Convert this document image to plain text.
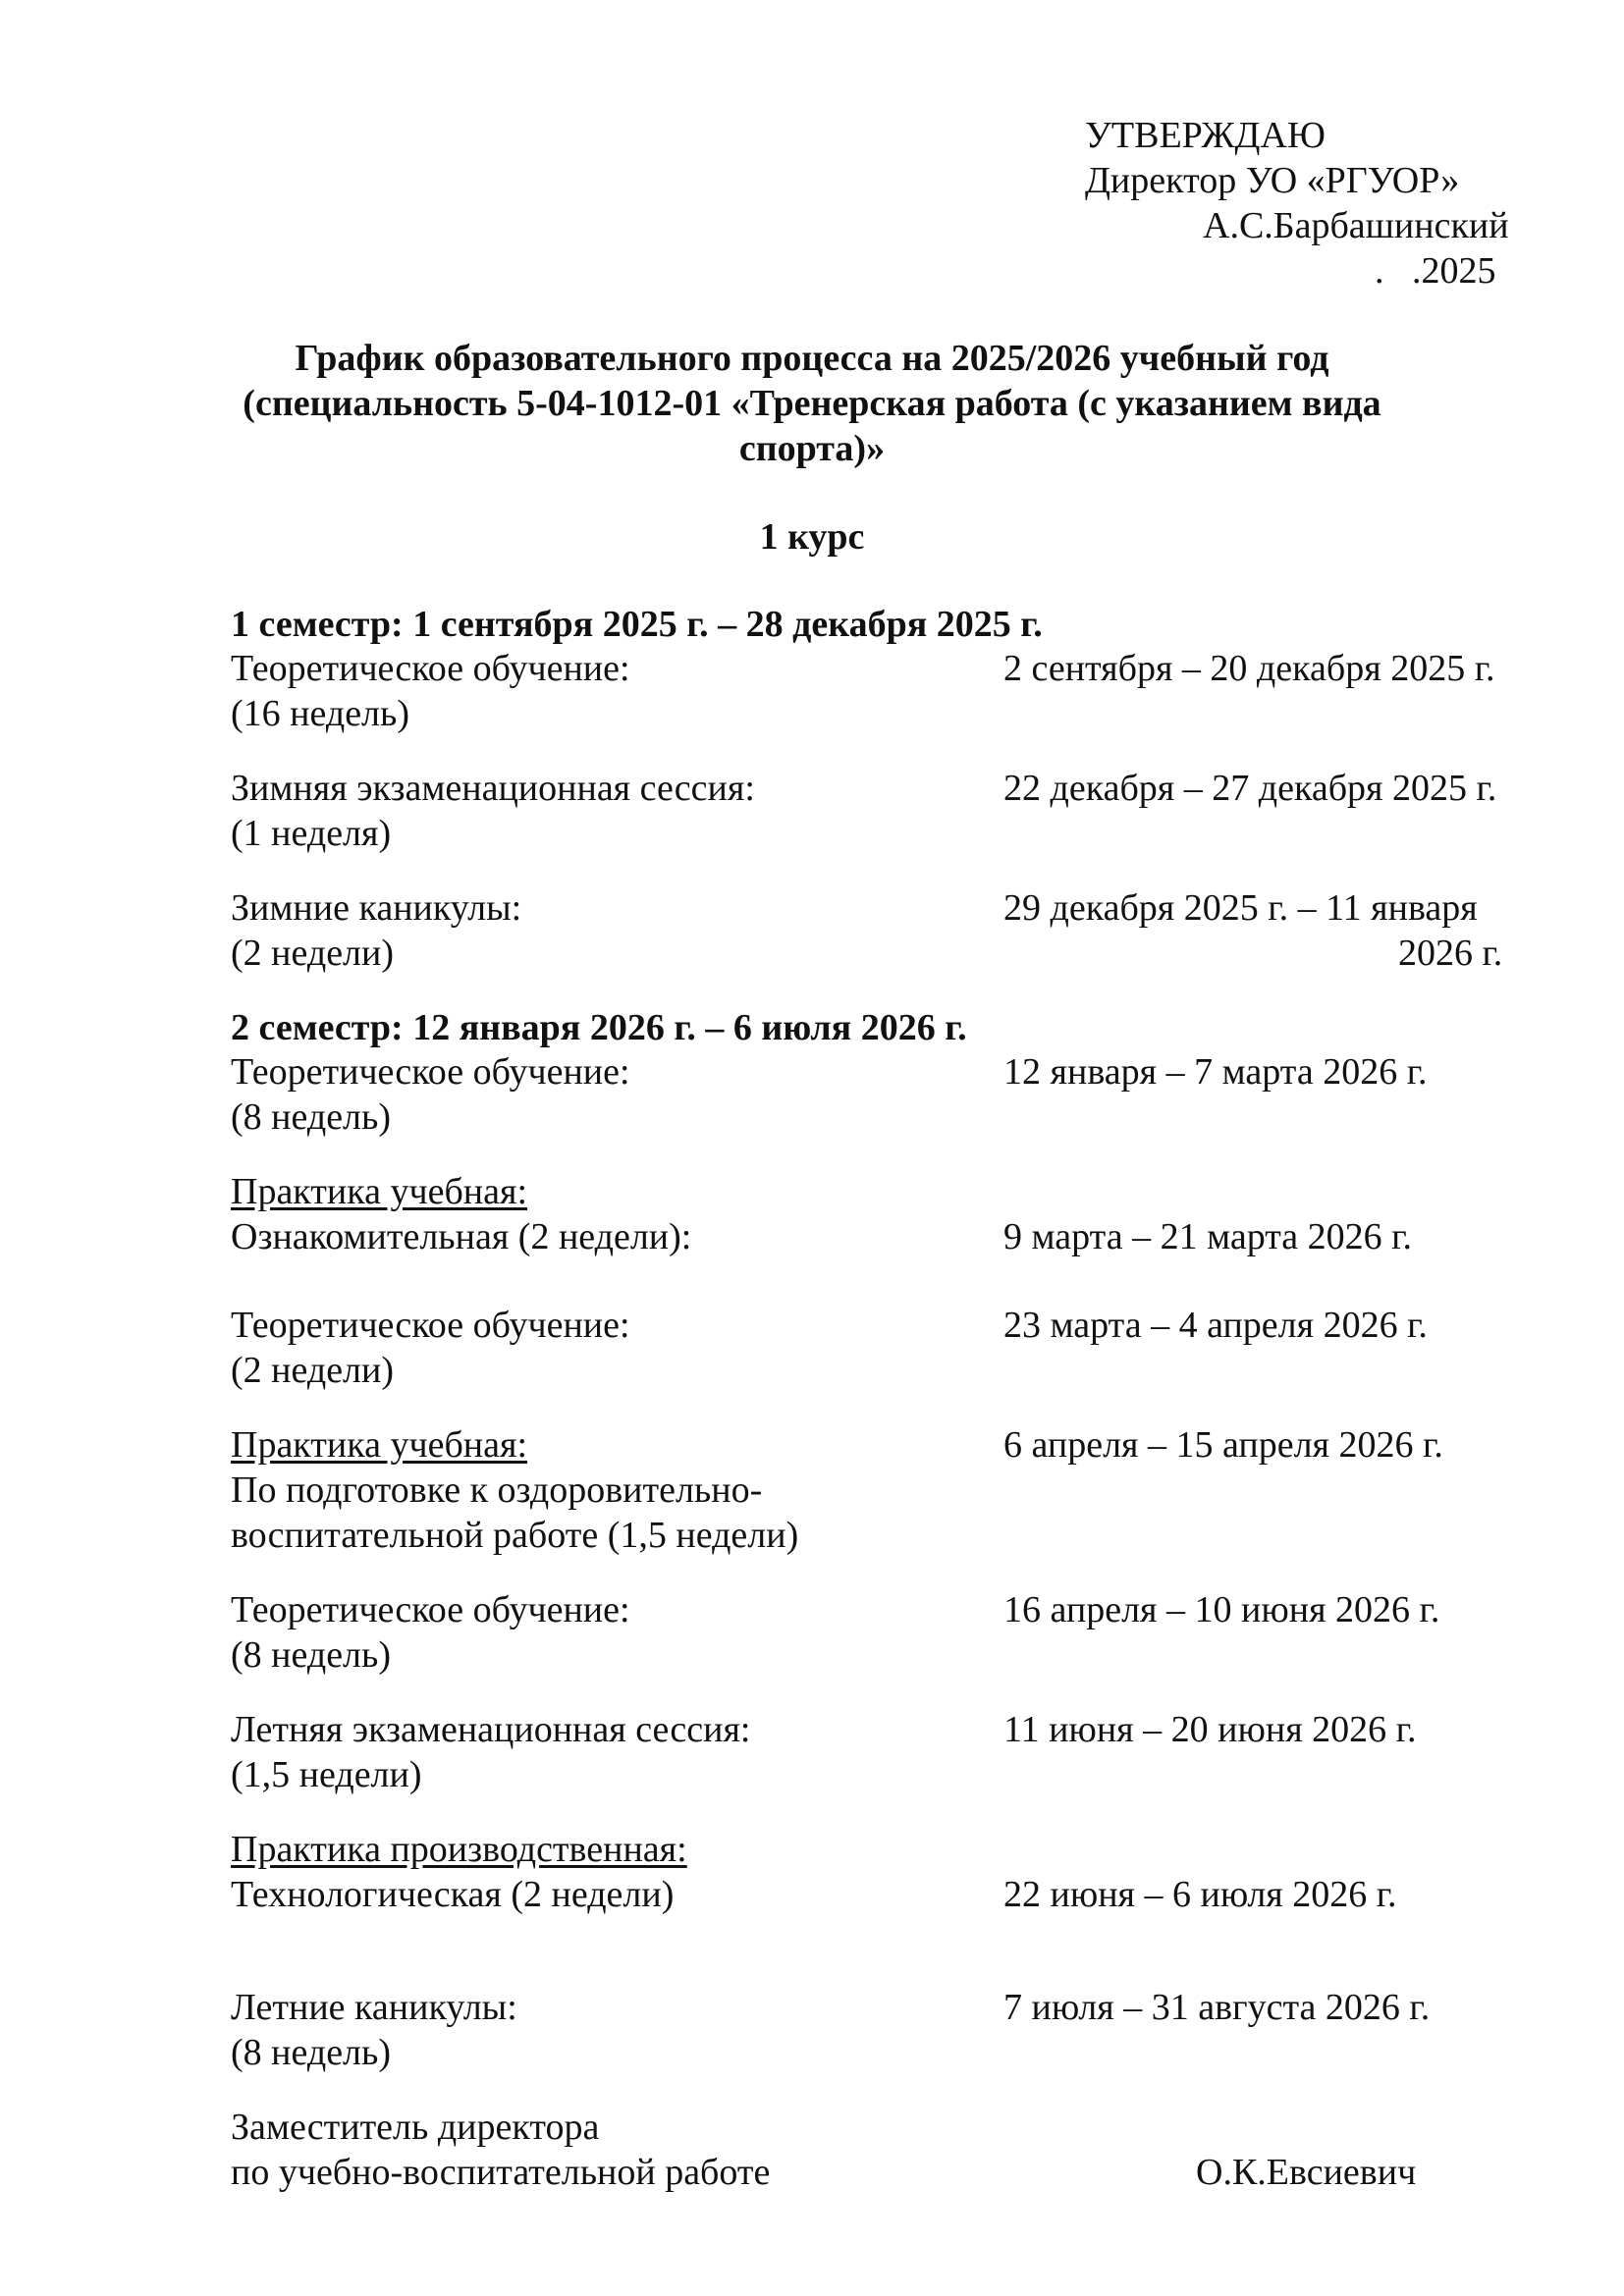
УТВЕРЖДАЮ
Директор УО «РГУОР»
А.С.Барбашинский
.   .2025
График образовательного процесса на 2025/2026 учебный год
(специальность 5-04-1012-01 «Тренерская работа (с указанием вида
спорта)»
1 курс
1 семестр: 1 сентября 2025 г. – 28 декабря 2025 г.
Теоретическое обучение:	2 сентября – 20 декабря 2025 г.
(16 недель)
Зимняя экзаменационная сессия:	22 декабря – 27 декабря 2025 г.
(1 неделя)
Зимние каникулы:	29 декабря 2025 г. – 11 января
(2 недели)	2026 г.
2 семестр: 12 января 2026 г. – 6 июля 2026 г.
Теоретическое обучение:	12 января – 7 марта 2026 г.
(8 недель)
Практика учебная:
Ознакомительная (2 недели):	9 марта – 21 марта 2026 г.
Теоретическое обучение:	23 марта – 4 апреля 2026 г.
(2 недели)
Практика учебная:	6 апреля – 15 апреля 2026 г.
По подготовке к оздоровительно-
воспитательной работе (1,5 недели)
Теоретическое обучение:	16 апреля – 10 июня 2026 г.
(8 недель)
Летняя экзаменационная сессия:	11 июня – 20 июня 2026 г.
(1,5 недели)
Практика производственная:
Технологическая (2 недели)	22 июня – 6 июля 2026 г.
Летние каникулы:	7 июля – 31 августа 2026 г.
(8 недель)
Заместитель директора
по учебно-воспитательной работе	О.К.Евсиевич
